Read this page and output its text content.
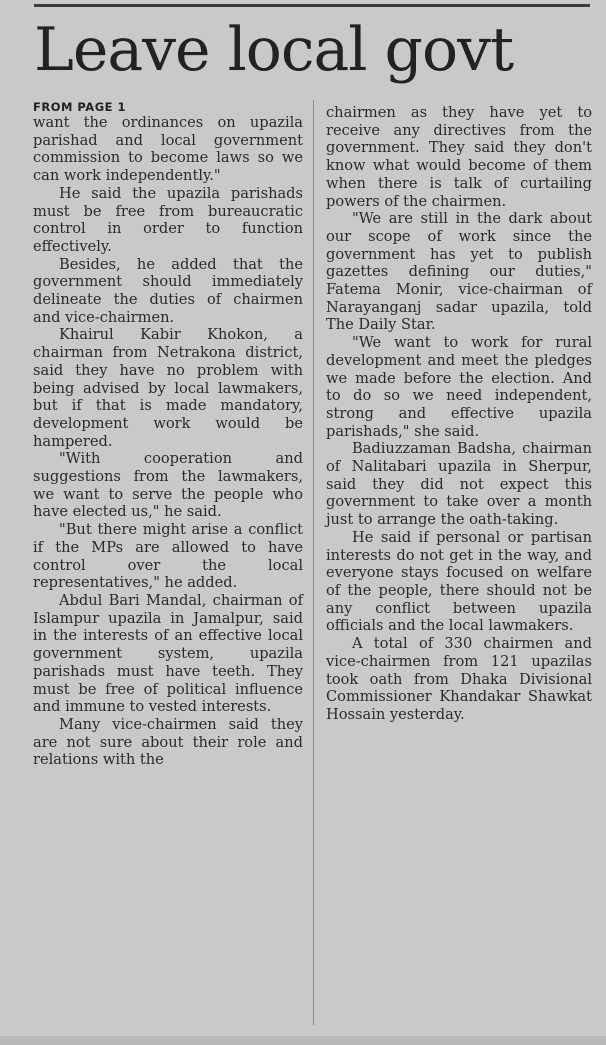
Leave local govt
FROM PAGE 1

want the ordinances on upazila parishad and local government commission to become laws so we can work independently."

He said the upazila parishads must be free from bureaucratic control in order to function effectively.

Besides, he added that the government should immediately delineate the duties of chairmen and vice-chairmen.

Khairul Kabir Khokon, a chairman from Netrakona district, said they have no problem with being advised by local lawmakers, but if that is made mandatory, development work would be hampered.

"With cooperation and suggestions from the lawmakers, we want to serve the people who have elected us," he said.

"But there might arise a conflict if the MPs are allowed to have control over the local representatives," he added.

Abdul Bari Mandal, chairman of Islampur upazila in Jamalpur, said in the interests of an effective local government system, upazila parishads must have teeth. They must be free of political influence and immune to vested interests.

Many vice-chairmen said they are not sure about their role and relations with the

chairmen as they have yet to receive any directives from the government. They said they don't know what would become of them when there is talk of curtailing powers of the chairmen.

"We are still in the dark about our scope of work since the government has yet to publish gazettes defining our duties," Fatema Monir, vice-chairman of Narayanganj sadar upazila, told The Daily Star.

"We want to work for rural development and meet the pledges we made before the election. And to do so we need independent, strong and effective upazila parishads," she said.

Badiuzzaman Badsha, chairman of Nalitabari upazila in Sherpur, said they did not expect this government to take over a month just to arrange the oath-taking.

He said if personal or partisan interests do not get in the way, and everyone stays focused on welfare of the people, there should not be any conflict between upazila officials and the local lawmakers.

A total of 330 chairmen and vice-chairmen from 121 upazilas took oath from Dhaka Divisional Commissioner Khandakar Shawkat Hossain yesterday.
